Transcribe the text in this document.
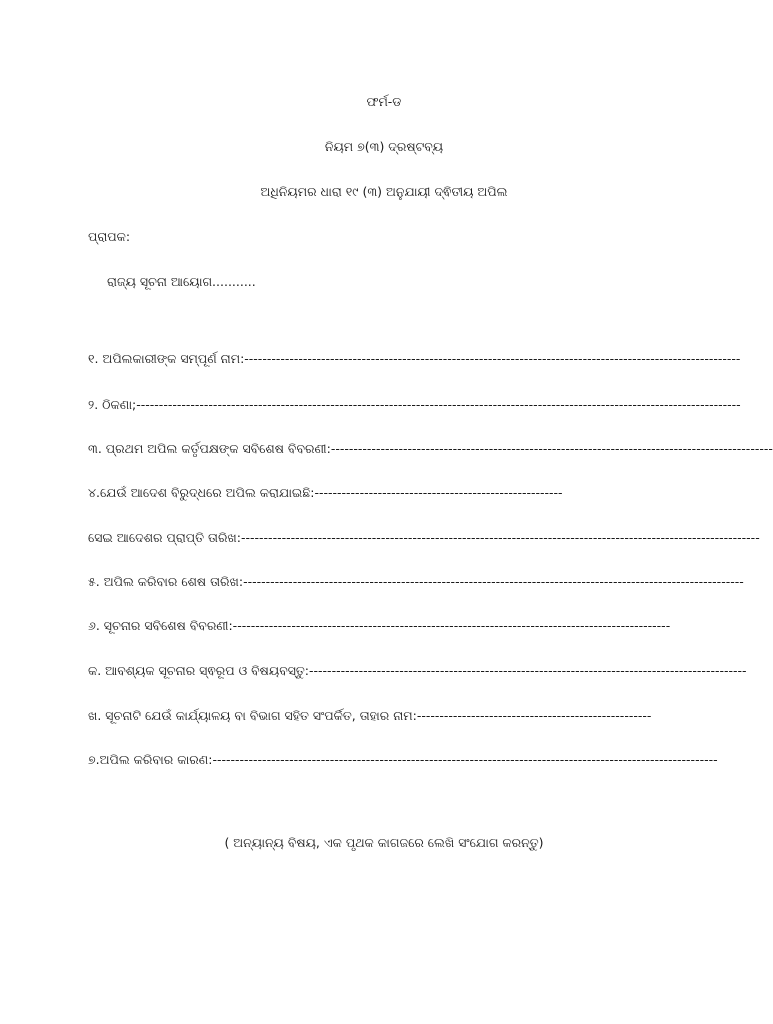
ଫର୍ମ-ଡ
ନିୟମ ୭(୩) ଦ୍ରଷ୍ଟବ୍ୟ
ଅଧିନିୟମର ଧାରା ୧୯ (୩) ଅନୁଯାୟୀ ଦ୍ଵିତୀୟ ଅପିଲ
ପ୍ରାପକ:
ରାଜ୍ୟ ସୂଚନା ଆୟୋଗ...........
୧. ଅପିଲକାରୀଙ୍କ ସମ୍ପୂର୍ଣ ନାମ:--------------------------------------------------------------------------------------------------------------
୨. ଠିକଣା;--------------------------------------------------------------------------------------------------------------------------------------
୩. ପ୍ରଥମ ଅପିଲ କର୍ତୃପକ୍ଷଙ୍କ ସବିଶେଷ ବିବରଣୀ:--------------------------------------------------------------------------------------------------
୪.ଯେଉଁ ଆଦେଶ ବିରୁଦ୍ଧରେ ଅପିଲ କରାଯାଇଛି:-------------------------------------------------------
ସେଇ ଆଦେଶର ପ୍ରାପ୍ତି ତାରିଖ:-------------------------------------------------------------------------------------------------------------------
୫. ଅପିଲ କରିବାର ଶେଷ ତାରିଖ:---------------------------------------------------------------------------------------------------------------
୬. ସୂଚନାର ସବିଶେଷ ବିବରଣୀ:-------------------------------------------------------------------------------------------------
କ. ଆବଶ୍ୟକ ସୂଚନାର ସ୍ଵରୂପ ଓ ବିଷୟବସ୍ତୁ:-------------------------------------------------------------------------------------------------
ଖ. ସୂଚନାଟି ଯେଉଁ କାର୍ଯ୍ୟାଳୟ ବା ବିଭାଗ ସହିତ ସଂପର୍କିତ, ତାହାର ନାମ:----------------------------------------------------
୭.ଅପିଲ କରିବାର କାରଣ:----------------------------------------------------------------------------------------------------------------
( ଅନ୍ୟାନ୍ୟ ବିଷୟ, ଏକ ପୃଥକ କାଗଜରେ ଲେଖି ସଂଯୋଗ କରନ୍ତୁ)
